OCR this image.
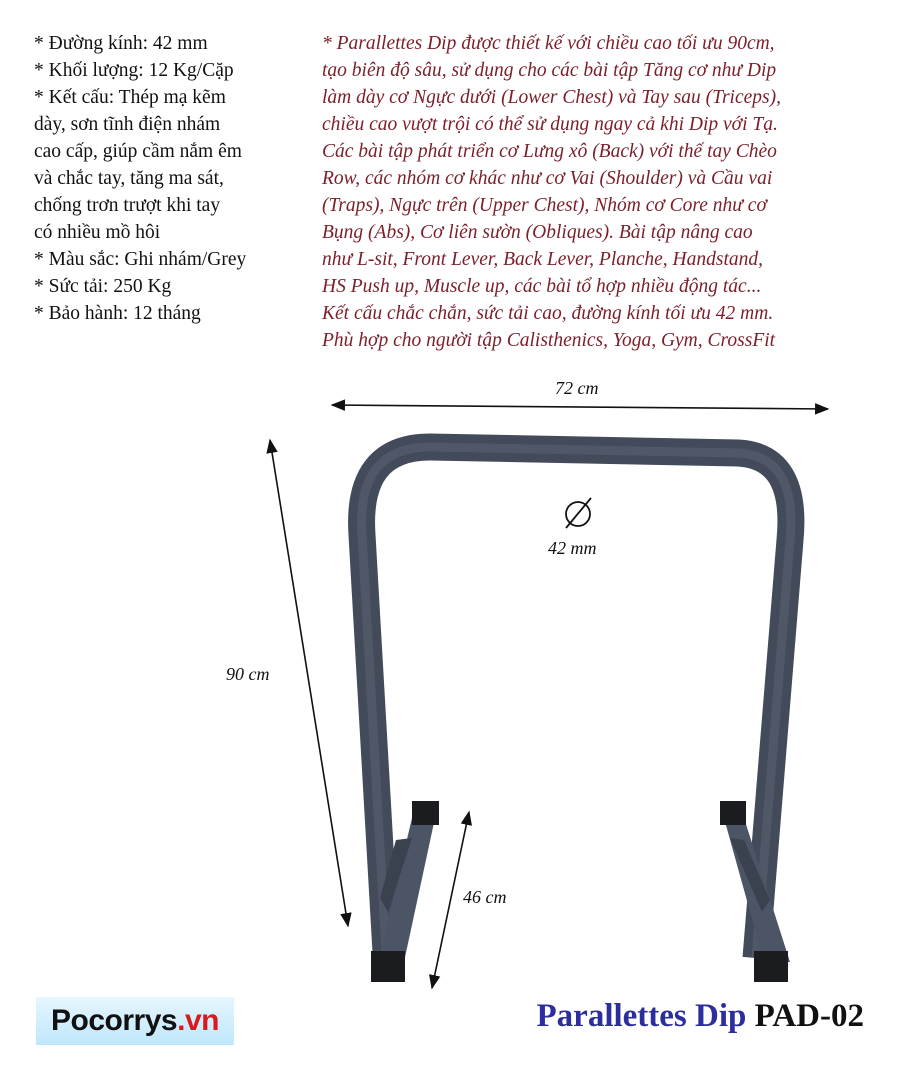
* Đường kính: 42 mm
* Khối lượng: 12 Kg/Cặp
* Kết cấu: Thép mạ kẽm
dày, sơn tĩnh điện nhám
cao cấp, giúp cầm nắm êm
và chắc tay, tăng ma sát,
chống trơn trượt khi tay
có nhiều mồ hôi
* Màu sắc: Ghi nhám/Grey
* Sức tải: 250 Kg
* Bảo hành: 12 tháng
* Parallettes Dip được thiết kế với chiều cao tối ưu 90cm,
tạo biên độ sâu, sử dụng cho các bài tập Tăng cơ như Dip
làm dày cơ Ngực dưới (Lower Chest) và Tay sau (Triceps),
chiều cao vượt trội có thể sử dụng ngay cả khi Dip với Tạ.
Các bài tập phát triển cơ Lưng xô (Back) với thế tay Chèo
Row, các nhóm cơ khác như cơ Vai (Shoulder) và Cầu vai
(Traps), Ngực trên (Upper Chest), Nhóm cơ Core như cơ
Bụng (Abs), Cơ liên sườn (Obliques). Bài tập nâng cao
như L-sit, Front Lever, Back Lever, Planche, Handstand,
HS Push up, Muscle up, các bài tổ hợp nhiều động tác...
Kết cấu chắc chắn, sức tải cao, đường kính tối ưu 42 mm.
Phù hợp cho người tập Calisthenics, Yoga, Gym, CrossFit
72 cm
90 cm
46 cm
42 mm
Pocorrys .vn	Parallettes Dip PAD-02
